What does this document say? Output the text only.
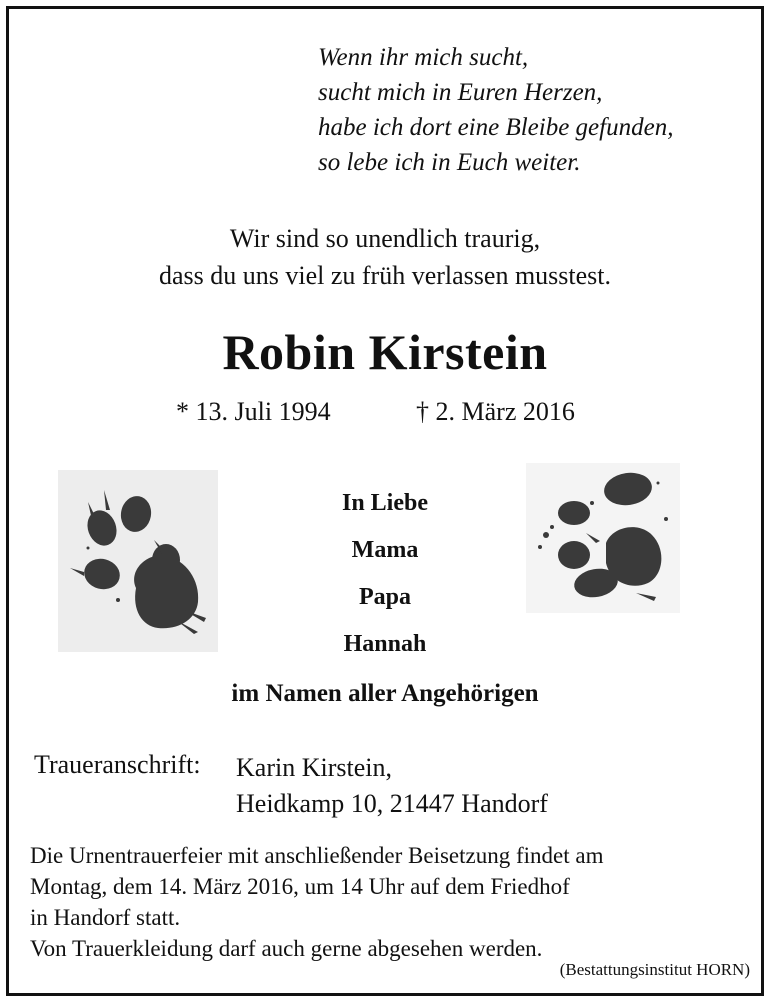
Wenn ihr mich sucht,
sucht mich in Euren Herzen,
habe ich dort eine Bleibe gefunden,
so lebe ich in Euch weiter.
Wir sind so unendlich traurig,
dass du uns viel zu früh verlassen musstest.
Robin Kirstein
* 13. Juli 1994	† 2. März 2016
In Liebe
Mama
Papa
Hannah
im Namen aller Angehörigen
Traueranschrift: Karin Kirstein,
Heidkamp 10, 21447 Handorf
Die Urnentrauerfeier mit anschließender Beisetzung findet am
Montag, dem 14. März 2016, um 14 Uhr auf dem Friedhof
in Handorf statt.
Von Trauerkleidung darf auch gerne abgesehen werden.
(Bestattungsinstitut HORN)
